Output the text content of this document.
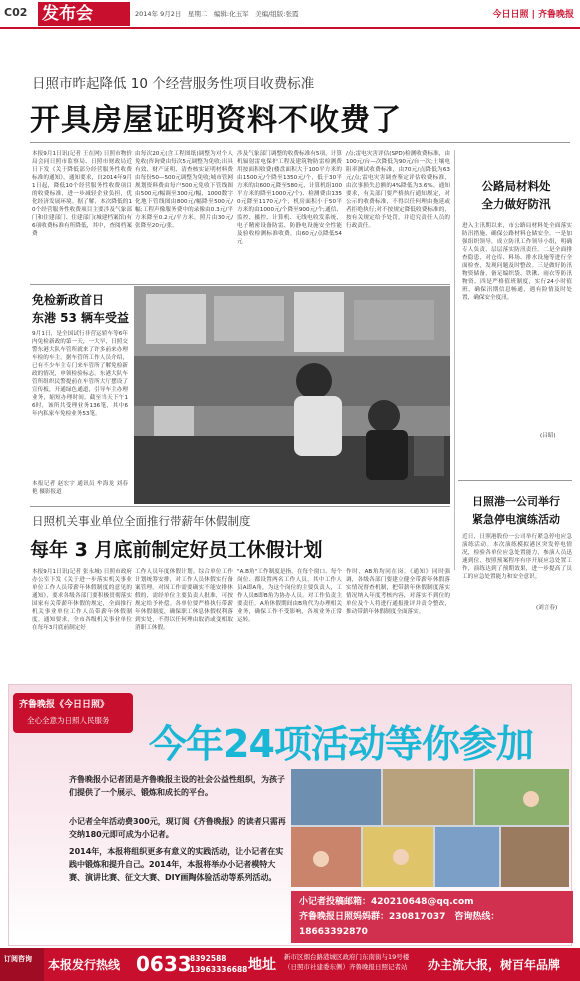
C02 发布会	2014年 9月2日　星期二　编辑:化玉军　美编/组版:张霞	今日日照 | 齐鲁晚报
日照市昨起降低 10 个经营服务性项目收费标准
开具房屋证明资料不收费了
本报9月1日讯(记者 王在网) 日照市物价局会同日照市监察局、日照市财政局近日下发《关于降低部分经营服务性收费标准的通知》，通知要求，自2014年9月1日起，降低10个经营服务性收费项目的收费标准，进一步减轻企业负担，优化经济发展环境。据了解，本次降低的10个经营服务性收费项目主要涉及气象部门和住建部门、住建部门(城建档案馆)有6项收费标准有所降低，其中，查阅档案费
由每次20元(含工程图纸)调整为对个人免收(咨询费由每次5元调整为免收;出具有效、财产证明、清查核实证明材料费由每份50—500元调整为免收;城市管网规划资料费由每户500元免收下管线图由500元/幅调至300元/幅、1000数字化地下管线图由800元/幅降至500元/幅;工程声像服务费中的录像由0.3元/平方米降至0.2元/平方米，照片由30元/张降至20元/张。
涉及气象部门调整的收费标准有5项，计算机辐射雷电保护工程及建筑物防雷检测费用按面积收费(楼盘面积大于100平方米的由1500元/个降至1350元/个，低于30平方米的由600元降至580元、计算机组100平方米的降至1000元/个)、检测费由1350元降至1170元/个，机房面积小于50平方米的由1000元/个降至900元/个;通信、监控、摄控、计算机、无线电收发系统、电子精密设备防雷、防静电设施安全性能及验收检测标准收费，由60元/点降低54元
/点;雷电灾害评估(SPD)检测收费标准，由100元/台—次降低为90元/台一次;土壤电阻率测试收费标准，由70元/点降低为63元/点;雷电灾害调查鉴定评估收费标准，由次事损失总额的4%降低为3.6%。通知要求，有关部门要严格执行通知规定，对公示的收费标准，不得以任何理由拖延或者拒绝执行;对不按规定降低收费标准的，按有关规定给予处罚，并追究责任人员的行政责任。
免检新政首日
东港 53 辆车受益
9月1日，是全国试行非营运轿车等6年内免检新政的第一天，一大早，日照交警东港大队车管所就来了许多前来办理车检的车主。据车管所工作人员介绍，已有不少车主专门来车管所了解免检新政的情况，申领检验标志。东港大队车管所组织民警提前在车管所大厅摆设了宣传板，开通绿色通道，引导车主办理业务，缩短办理时间。截至当天下午16时，该所共受理业务136笔，其中6年内私家车免检业务53笔。
本报记者 赵宏宇 通讯员 牟海龙 刘春艳 摄影报道
公路局材料处
全力做好防汛
进入主汛期以来，市公路局材料处全面落实防汛措施，确保公路材料仓储安全。一是加强组织领导，成立防汛工作领导小组，明确专人负责，层层落实防汛责任。二是全面排查隐患，对仓库、料场、排水设施等进行全面检查，发现问题及时整改。三是做好防汛物资储备，备足编织袋、铁锹、雨衣等防汛物资。四是严格值班制度，实行24小时值班，确保汛期信息畅通，遇有险情及时处置，确保安全度汛。
(吕昭)
日照港一公司举行
紧急停电演练活动
近日，日照港股份一公司举行紧急停电应急演练活动。本次演练模拟港区突发停电情况，检验各单位应急处置能力，参演人员迅速到位，按照预案程序有序开展应急处置工作，演练达到了预期效果，进一步提高了员工的应急处置能力和安全意识。
(刘言春)
日照机关事业单位全面推行带薪年休假制度
每年 3 月底前制定好员工休假计划
本报9月1日讯(记者 张永城) 日照市政府办公室下发《关于进一步落实机关事业单位工作人员带薪年休假制度的意见的通知》，要求各级各部门要积极贯彻落实国家有关带薪年休假的规定，全面推行机关事业单位工作人员带薪年休假制度。通知要求，全市各级机关事业单位在每年3月底前制定好
工作人员年度休假计划。综合单位工作计划统筹安排，对工作人员休假实行备案管理。对因工作需要确实不能安排休假的，需经单位主要负责人批准，可按规定给予补偿。各单位要严格执行带薪年休假制度，确保职工休息休假权利落到实处，不得以任何理由取消或变相取消职工休假。
"A.B角"工作制度是指，在每个窗口、每个岗位、都设置两名工作人员，其中工作人员A即A角，为这个岗位的主要负责人，工作人员B即B角为协办人员。对工作负责主要责任。A角休假期间由B角代为办理相关业务，确保工作不受影响，各项业务正常运转。
作时，AB角均同在岗。《通知》同时强调，各级各部门要建立健全带薪年休假落实情况督查机制，把带薪年休假制度落实情况纳入年度考核内容，对落实不到位的单位及个人将进行通报批评并责令整改，推动带薪年休假制度全面落实。
齐鲁晚报《今日日照》
全心全意为日照人民服务
今年24项活动等你参加
齐鲁晚报小记者团是齐鲁晚报主设的社会公益性组织，为孩子们提供了一个展示、锻炼和成长的平台。
小记者全年活动费300元，现订阅《齐鲁晚报》的读者只需再交纳180元即可成为小记者。
2014年，本报将组织更多有意义的实践活动，让小记者在实践中锻炼和提升自己。2014年，本报将举办小记者模特大赛、演讲比赛、征文大赛、DIY画陶体验活动等系列活动。
小记者投稿邮箱：420210648@qq.com
齐鲁晚报日照妈妈群：230817037　咨询热线：18663392870
订阅咨询	本报发行热线 0633
8392588 13963336688 地址 新市区烟台路港城区政府门东南街与19号楼（日照市社建委东侧）齐鲁晚报日照记者站	办主流大报，树百年品牌
